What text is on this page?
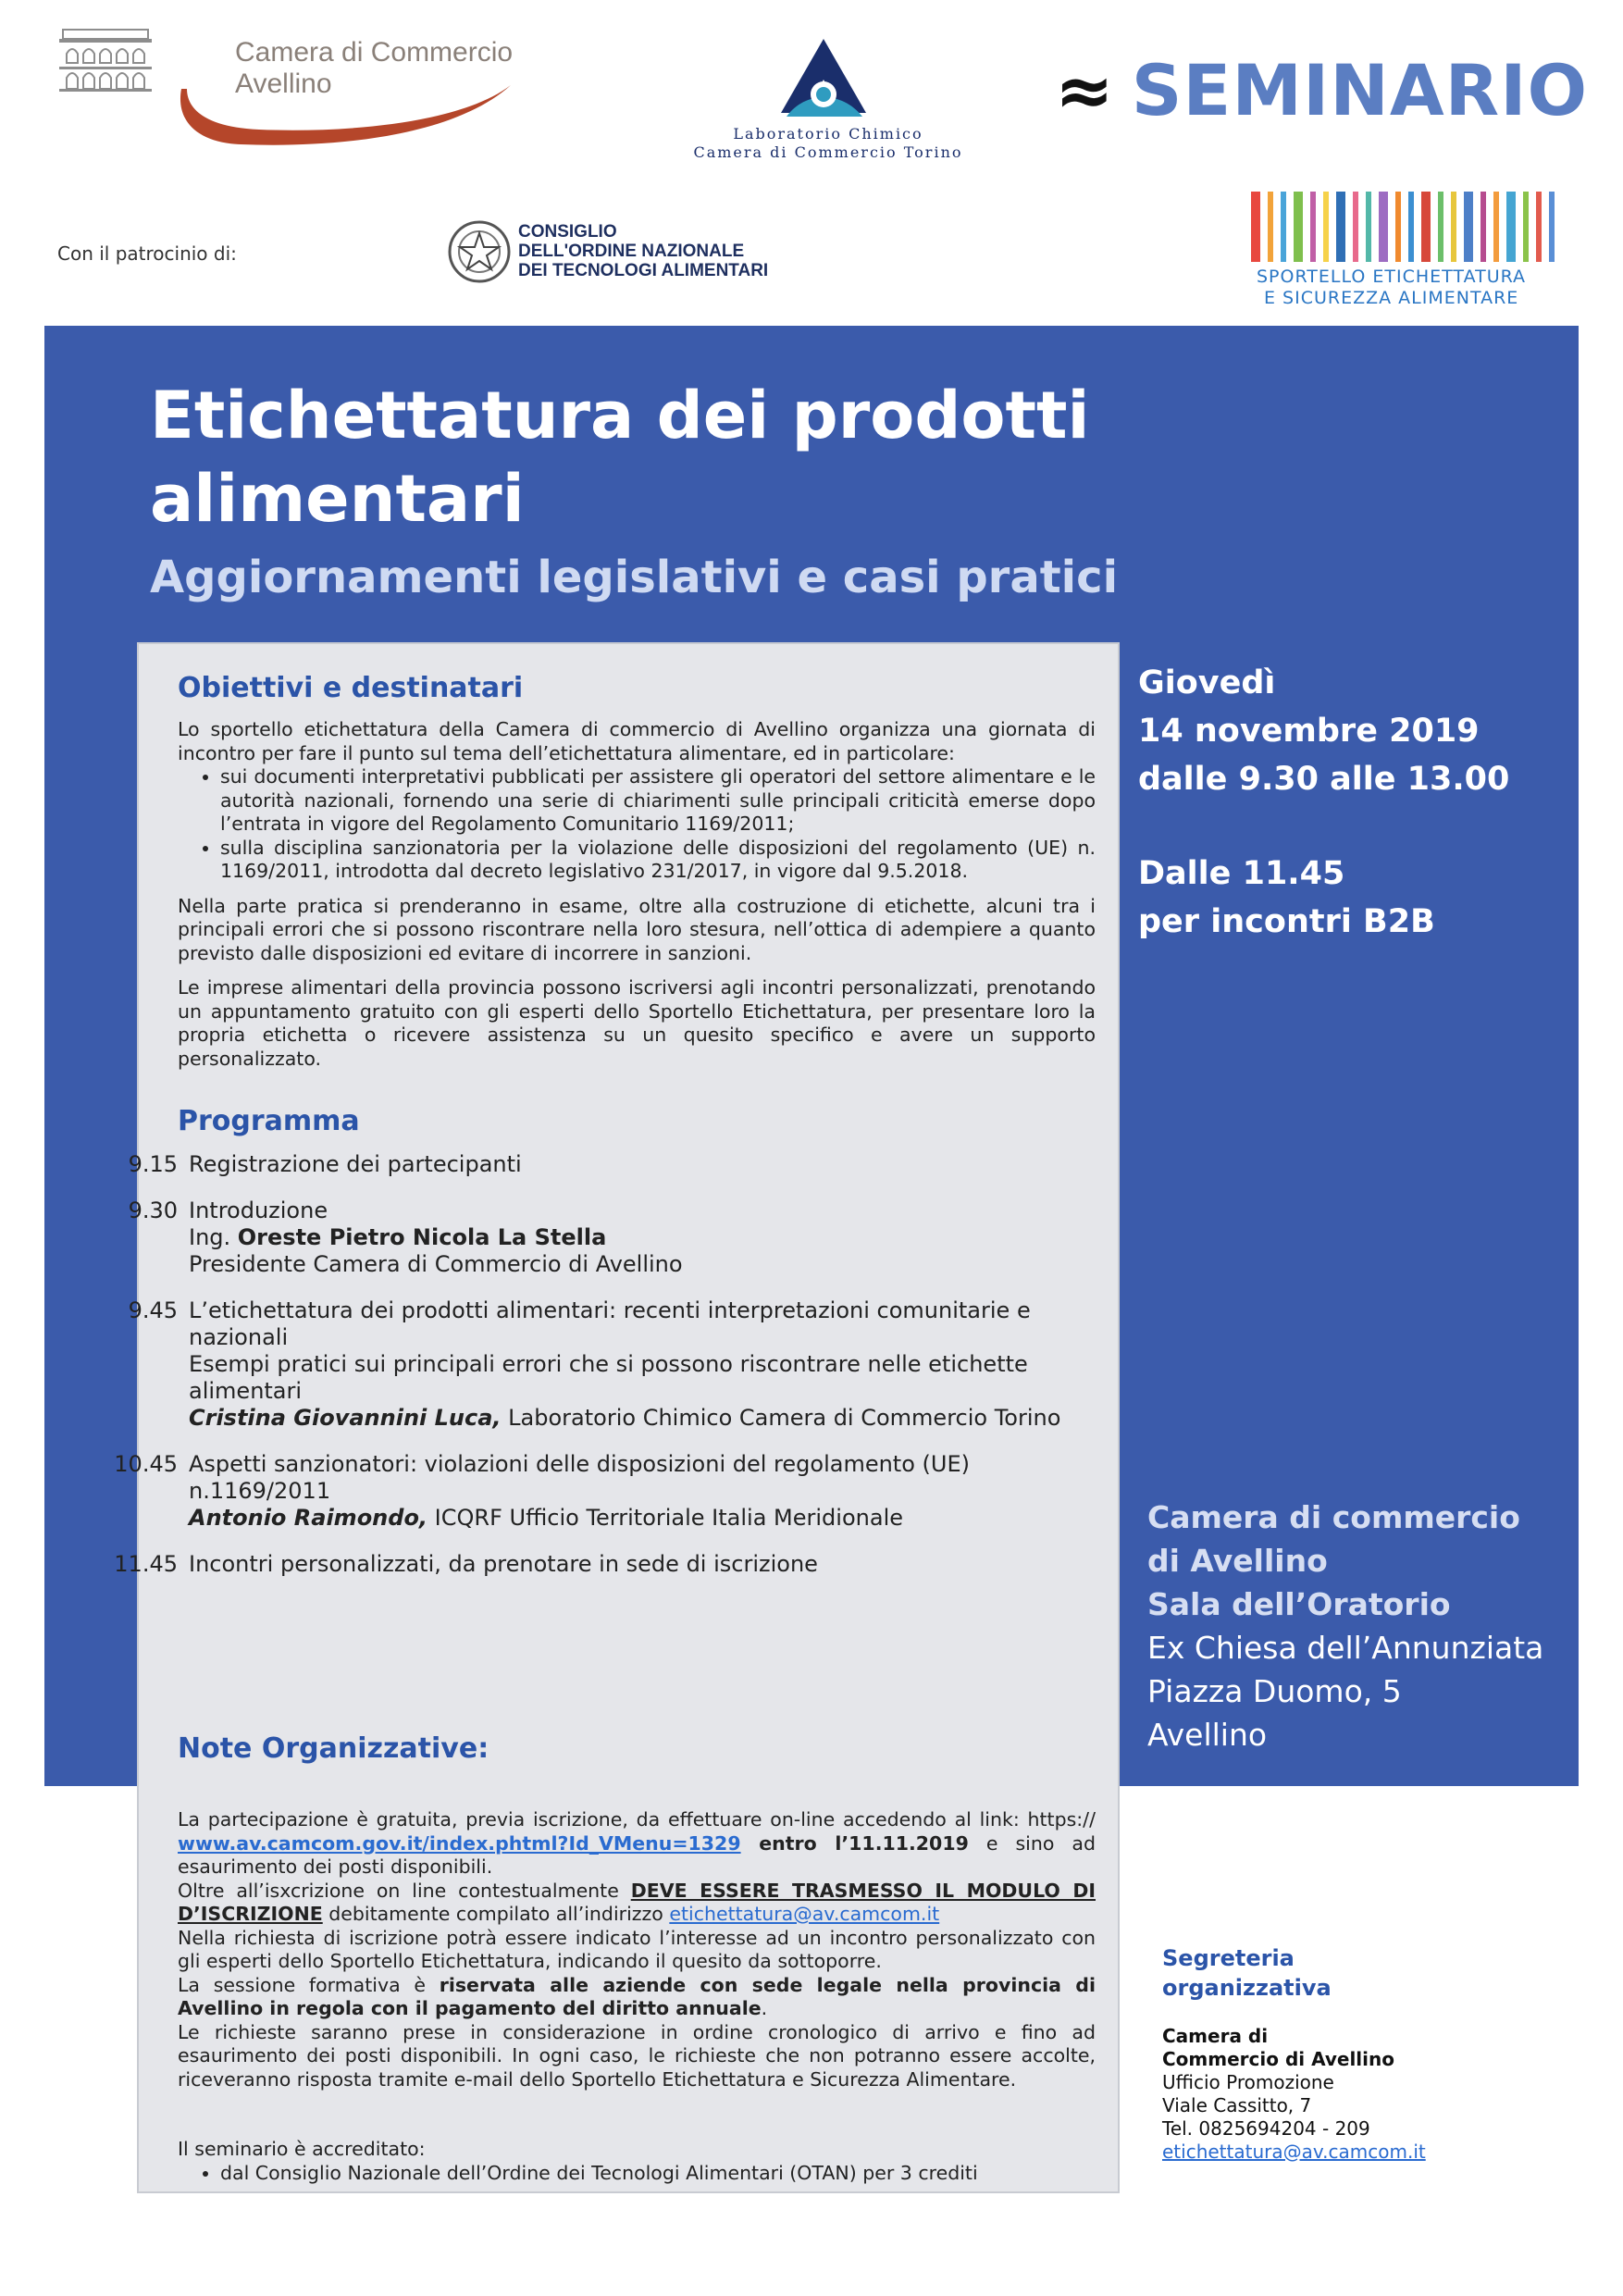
Camera di Commercio
Avellino
Laboratorio Chimico
Camera di Commercio Torino
≈ SEMINARIO
Con il patrocinio di:
CONSIGLIO
DELL'ORDINE NAZIONALE
DEI TECNOLOGI ALIMENTARI	SPORTELLO ETICHETTATURA
E SICUREZZA ALIMENTARE
Etichettatura dei prodotti
alimentari
Aggiornamenti legislativi e casi pratici
Giovedì
14 novembre 2019
dalle 9.30 alle 13.00
Dalle 11.45
per incontri B2B
Camera di commercio
di Avellino
Sala dell’Oratorio
Ex Chiesa dell’Annunziata
Piazza Duomo, 5
Avellino
Obiettivi e destinatari

Lo sportello etichettatura della Camera di commercio di Avellino organizza una giornata di incontro per fare il punto sul tema dell’etichettatura alimentare, ed in particolare:

• sui documenti interpretativi pubblicati per assistere gli operatori del settore alimentare e le autorità nazionali, fornendo una serie di chiarimenti sulle principali criticità emerse dopo l’entrata in vigore del Regolamento Comunitario 1169/2011;
• sulla disciplina sanzionatoria per la violazione delle disposizioni del regolamento (UE) n. 1169/2011, introdotta dal decreto legislativo 231/2017, in vigore dal 9.5.2018.

Nella parte pratica si prenderanno in esame, oltre alla costruzione di etichette, alcuni tra i principali errori che si possono riscontrare nella loro stesura, nell’ottica di adempiere a quanto previsto dalle disposizioni ed evitare di incorrere in sanzioni.

Le imprese alimentari della provincia possono iscriversi agli incontri personalizzati, prenotando un appuntamento gratuito con gli esperti dello Sportello Etichettatura, per presentare loro la propria etichetta o ricevere assistenza su un quesito specifico e avere un supporto personalizzato.

Programma
9.15 Registrazione dei partecipanti
9.30 Introduzione
Ing. Oreste Pietro Nicola La Stella
Presidente Camera di Commercio di Avellino
9.45 L’etichettatura dei prodotti alimentari: recenti interpretazioni comunitarie e nazionali
Esempi pratici sui principali errori che si possono riscontrare nelle etichette alimentari
Cristina Giovannini Luca, Laboratorio Chimico Camera di Commercio Torino
10.45 Aspetti sanzionatori: violazioni delle disposizioni del regolamento (UE) n.1169/2011
Antonio Raimondo, ICQRF Ufficio Territoriale Italia Meridionale
11.45 Incontri personalizzati, da prenotare in sede di iscrizione
Note Organizzative:
La partecipazione è gratuita, previa iscrizione, da effettuare on-line accedendo al link: https:// www.av.camcom.gov.it/index.phtml?Id_VMenu=1329 entro l’11.11.2019 e sino ad esaurimento dei posti disponibili.
Oltre all’isxcrizione on line contestualmente DEVE ESSERE TRASMESSO IL MODULO DI D’ISCRIZIONE debitamente compilato all’indirizzo etichettatura@av.camcom.it
Nella richiesta di iscrizione potrà essere indicato l’interesse ad un incontro personalizzato con gli esperti dello Sportello Etichettatura, indicando il quesito da sottoporre.
La sessione formativa è riservata alle aziende con sede legale nella provincia di Avellino in regola con il pagamento del diritto annuale.
Le richieste saranno prese in considerazione in ordine cronologico di arrivo e fino ad esaurimento dei posti disponibili. In ogni caso, le richieste che non potranno essere accolte, riceveranno risposta tramite e-mail dello Sportello Etichettatura e Sicurezza Alimentare.
Il seminario è accreditato:
• dal Consiglio Nazionale dell’Ordine dei Tecnologi Alimentari (OTAN) per 3 crediti
Segreteria
organizzativa
Camera di
Commercio di Avellino
Ufficio Promozione
Viale Cassitto, 7
Tel. 0825694204 - 209
etichettatura@av.camcom.it
